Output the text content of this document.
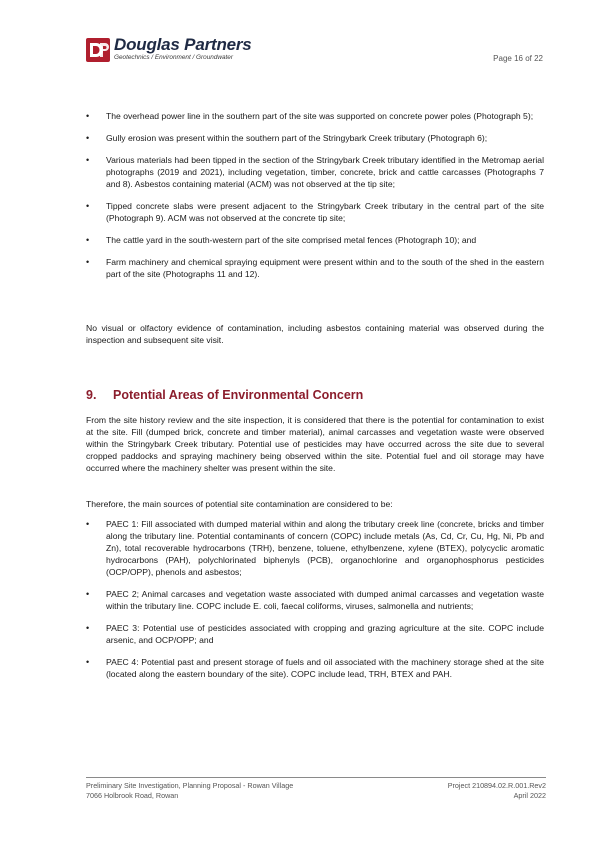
Douglas Partners
Geotechnics / Environment / Groundwater	Page 16 of 22
• The overhead power line in the southern part of the site was supported on concrete power poles (Photograph 5);
• Gully erosion was present within the southern part of the Stringybark Creek tributary (Photograph 6);
• Various materials had been tipped in the section of the Stringybark Creek tributary identified in the Metromap aerial photographs (2019 and 2021), including vegetation, timber, concrete, brick and cattle carcasses (Photographs 7 and 8). Asbestos containing material (ACM) was not observed at the tip site;
• Tipped concrete slabs were present adjacent to the Stringybark Creek tributary in the central part of the site (Photograph 9). ACM was not observed at the concrete tip site;
• The cattle yard in the south-western part of the site comprised metal fences (Photograph 10); and
• Farm machinery and chemical spraying equipment were present within and to the south of the shed in the eastern part of the site (Photographs 11 and 12).
No visual or olfactory evidence of contamination, including asbestos containing material was observed during the inspection and subsequent site visit.
9. Potential Areas of Environmental Concern
From the site history review and the site inspection, it is considered that there is the potential for contamination to exist at the site. Fill (dumped brick, concrete and timber material), animal carcasses and vegetation waste were observed within the Stringybark Creek tributary. Potential use of pesticides may have occurred across the site due to several cropped paddocks and spraying machinery being observed within the site. Potential fuel and oil storage may have occurred where the machinery shelter was present within the site.
Therefore, the main sources of potential site contamination are considered to be:
• PAEC 1: Fill associated with dumped material within and along the tributary creek line (concrete, bricks and timber along the tributary line. Potential contaminants of concern (COPC) include metals (As, Cd, Cr, Cu, Hg, Ni, Pb and Zn), total recoverable hydrocarbons (TRH), benzene, toluene, ethylbenzene, xylene (BTEX), polycyclic aromatic hydrocarbons (PAH), polychlorinated biphenyls (PCB), organochlorine and organophosphorus pesticides (OCP/OPP), phenols and asbestos;
• PAEC 2; Animal carcases and vegetation waste associated with dumped animal carcasses and vegetation waste within the tributary line. COPC include E. coli, faecal coliforms, viruses, salmonella and nutrients;
• PAEC 3: Potential use of pesticides associated with cropping and grazing agriculture at the site. COPC include arsenic, and OCP/OPP; and
• PAEC 4: Potential past and present storage of fuels and oil associated with the machinery storage shed at the site (located along the eastern boundary of the site). COPC include lead, TRH, BTEX and PAH.
Preliminary Site Investigation, Planning Proposal - Rowan Village
7066 Holbrook Road, Rowan
Project 210894.02.R.001.Rev2
April 2022
